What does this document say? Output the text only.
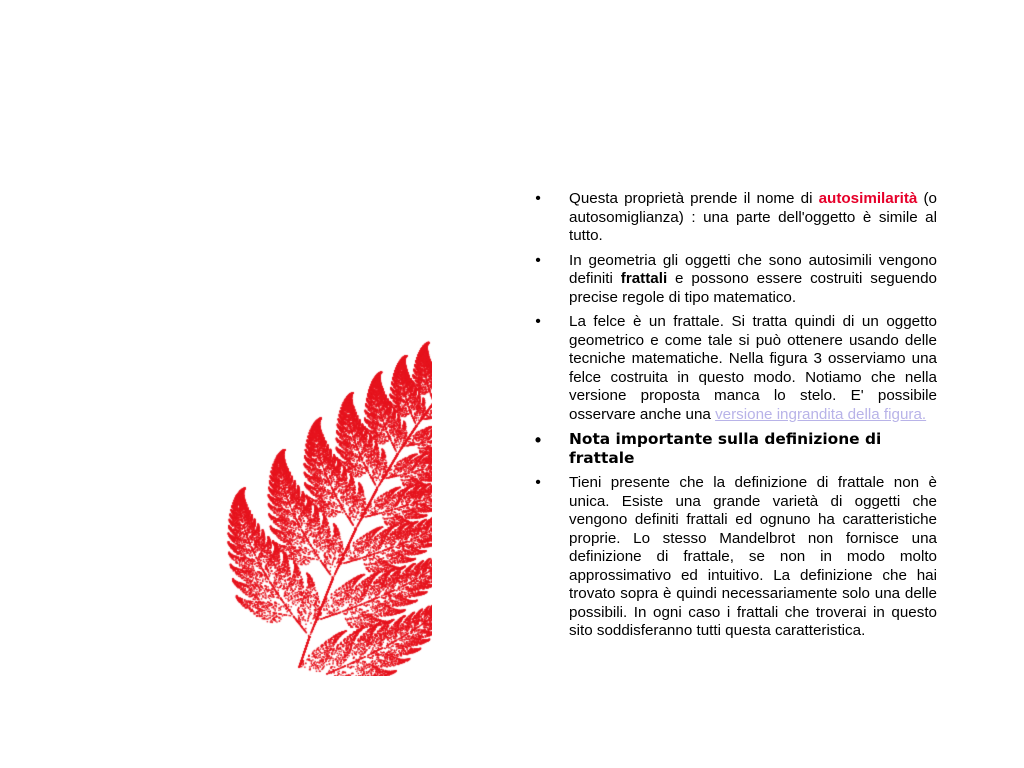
• Questa proprietà prende il nome di autosimilarità (o autosomiglianza) : una parte dell'oggetto è simile al tutto.
• In geometria gli oggetti che sono autosimili vengono definiti frattali e possono essere costruiti seguendo precise regole di tipo matematico.
• La felce è un frattale. Si tratta quindi di un oggetto geometrico e come tale si può ottenere usando delle tecniche matematiche. Nella figura 3 osserviamo una felce costruita in questo modo. Notiamo che nella versione proposta manca lo stelo. E' possibile osservare anche una versione ingrandita della figura.
• Nota importante sulla definizione di frattale
• Tieni presente che la definizione di frattale non è unica. Esiste una grande varietà di oggetti che vengono definiti frattali ed ognuno ha caratteristiche proprie. Lo stesso Mandelbrot non fornisce una definizione di frattale, se non in modo molto approssimativo ed intuitivo. La definizione che hai trovato sopra è quindi necessariamente solo una delle possibili. In ogni caso i frattali che troverai in questo sito soddisferanno tutti questa caratteristica.
